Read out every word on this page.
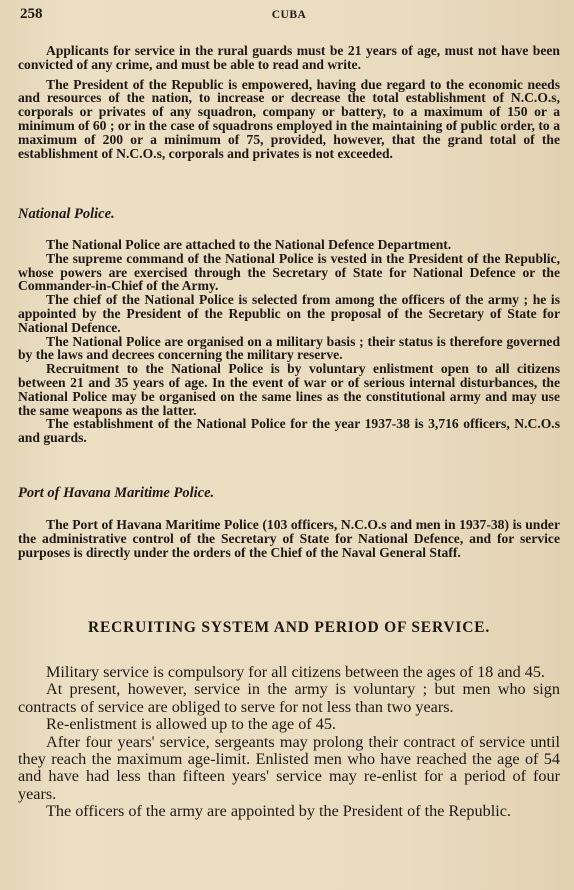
258	CUBA

Applicants for service in the rural guards must be 21 years of age, must not have been convicted of any crime, and must be able to read and write.

The President of the Republic is empowered, having due regard to the economic needs and resources of the nation, to increase or decrease the total establishment of N.C.O.s, corporals or privates of any squadron, company or battery, to a maximum of 150 or a minimum of 60 ; or in the case of squadrons employed in the maintaining of public order, to a maximum of 200 or a minimum of 75, provided, however, that the grand total of the establishment of N.C.O.s, corporals and privates is not exceeded.

National Police.

The National Police are attached to the National Defence Department.

The supreme command of the National Police is vested in the President of the Republic, whose powers are exercised through the Secretary of State for National Defence or the Commander-in-Chief of the Army.

The chief of the National Police is selected from among the officers of the army ; he is appointed by the President of the Republic on the proposal of the Secretary of State for National Defence.

The National Police are organised on a military basis ; their status is therefore governed by the laws and decrees concerning the military reserve.

Recruitment to the National Police is by voluntary enlistment open to all citizens between 21 and 35 years of age. In the event of war or of serious internal disturbances, the National Police may be organised on the same lines as the constitutional army and may use the same weapons as the latter.

The establishment of the National Police for the year 1937-38 is 3,716 officers, N.C.O.s and guards.

Port of Havana Maritime Police.

The Port of Havana Maritime Police (103 officers, N.C.O.s and men in 1937-38) is under the administrative control of the Secretary of State for National Defence, and for service purposes is directly under the orders of the Chief of the Naval General Staff.

RECRUITING SYSTEM AND PERIOD OF SERVICE.

Military service is compulsory for all citizens between the ages of 18 and 45.

At present, however, service in the army is voluntary ; but men who sign contracts of service are obliged to serve for not less than two years.

Re-enlistment is allowed up to the age of 45.

After four years' service, sergeants may prolong their contract of service until they reach the maximum age-limit. Enlisted men who have reached the age of 54 and have had less than fifteen years' service may re-enlist for a period of four years.

The officers of the army are appointed by the President of the Republic.
